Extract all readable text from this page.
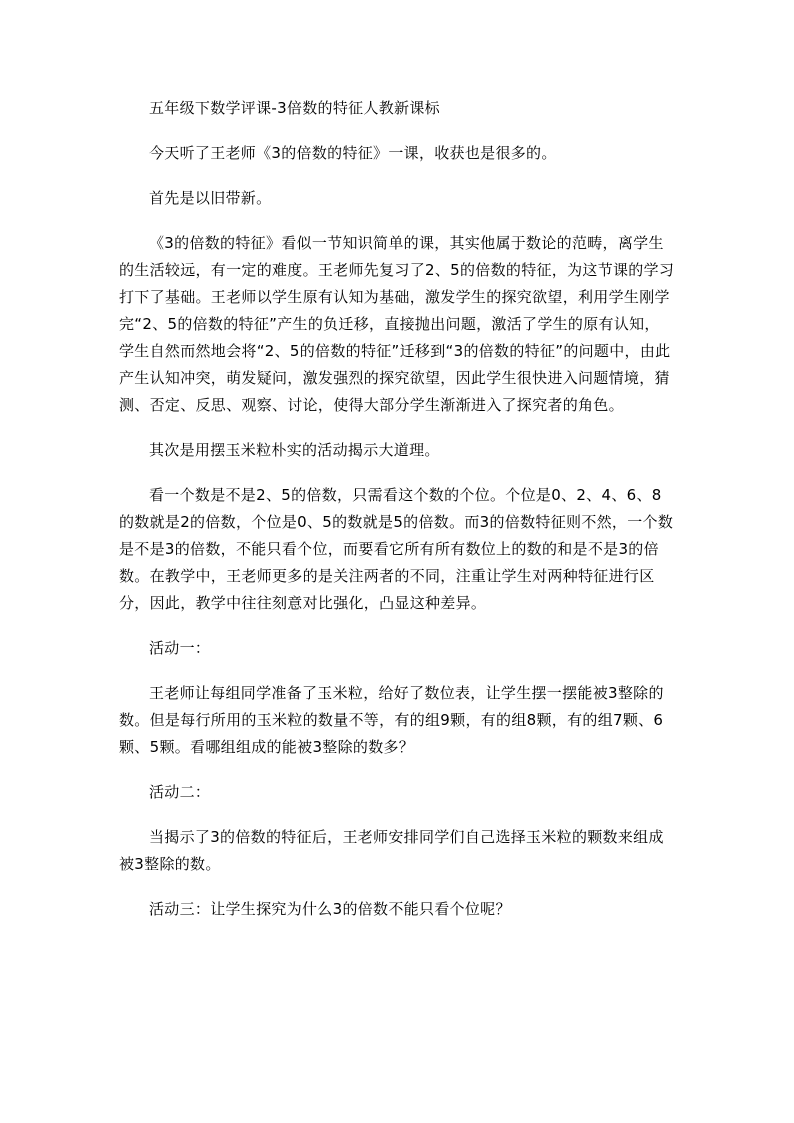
五年级下数学评课-3倍数的特征人教新课标

今天听了王老师《3的倍数的特征》一课，收获也是很多的。

首先是以旧带新。

《3的倍数的特征》看似一节知识简单的课，其实他属于数论的范畴，离学生的生活较远，有一定的难度。王老师先复习了2、5的倍数的特征，为这节课的学习打下了基础。王老师以学生原有认知为基础，激发学生的探究欲望，利用学生刚学完“2、5的倍数的特征”产生的负迁移，直接抛出问题，激活了学生的原有认知，学生自然而然地会将“2、5的倍数的特征”迁移到“3的倍数的特征”的问题中，由此产生认知冲突，萌发疑问，激发强烈的探究欲望，因此学生很快进入问题情境，猜测、否定、反思、观察、讨论，使得大部分学生渐渐进入了探究者的角色。

其次是用摆玉米粒朴实的活动揭示大道理。

看一个数是不是2、5的倍数，只需看这个数的个位。个位是0、2、4、6、8的数就是2的倍数，个位是0、5的数就是5的倍数。而3的倍数特征则不然，一个数是不是3的倍数，不能只看个位，而要看它所有所有数位上的数的和是不是3的倍数。在教学中，王老师更多的是关注两者的不同，注重让学生对两种特征进行区分，因此，教学中往往刻意对比强化，凸显这种差异。

活动一：

王老师让每组同学准备了玉米粒，给好了数位表，让学生摆一摆能被3整除的数。但是每行所用的玉米粒的数量不等，有的组9颗，有的组8颗，有的组7颗、6颗、5颗。看哪组组成的能被3整除的数多？

活动二：

当揭示了3的倍数的特征后，王老师安排同学们自己选择玉米粒的颗数来组成被3整除的数。

活动三：让学生探究为什么3的倍数不能只看个位呢？
